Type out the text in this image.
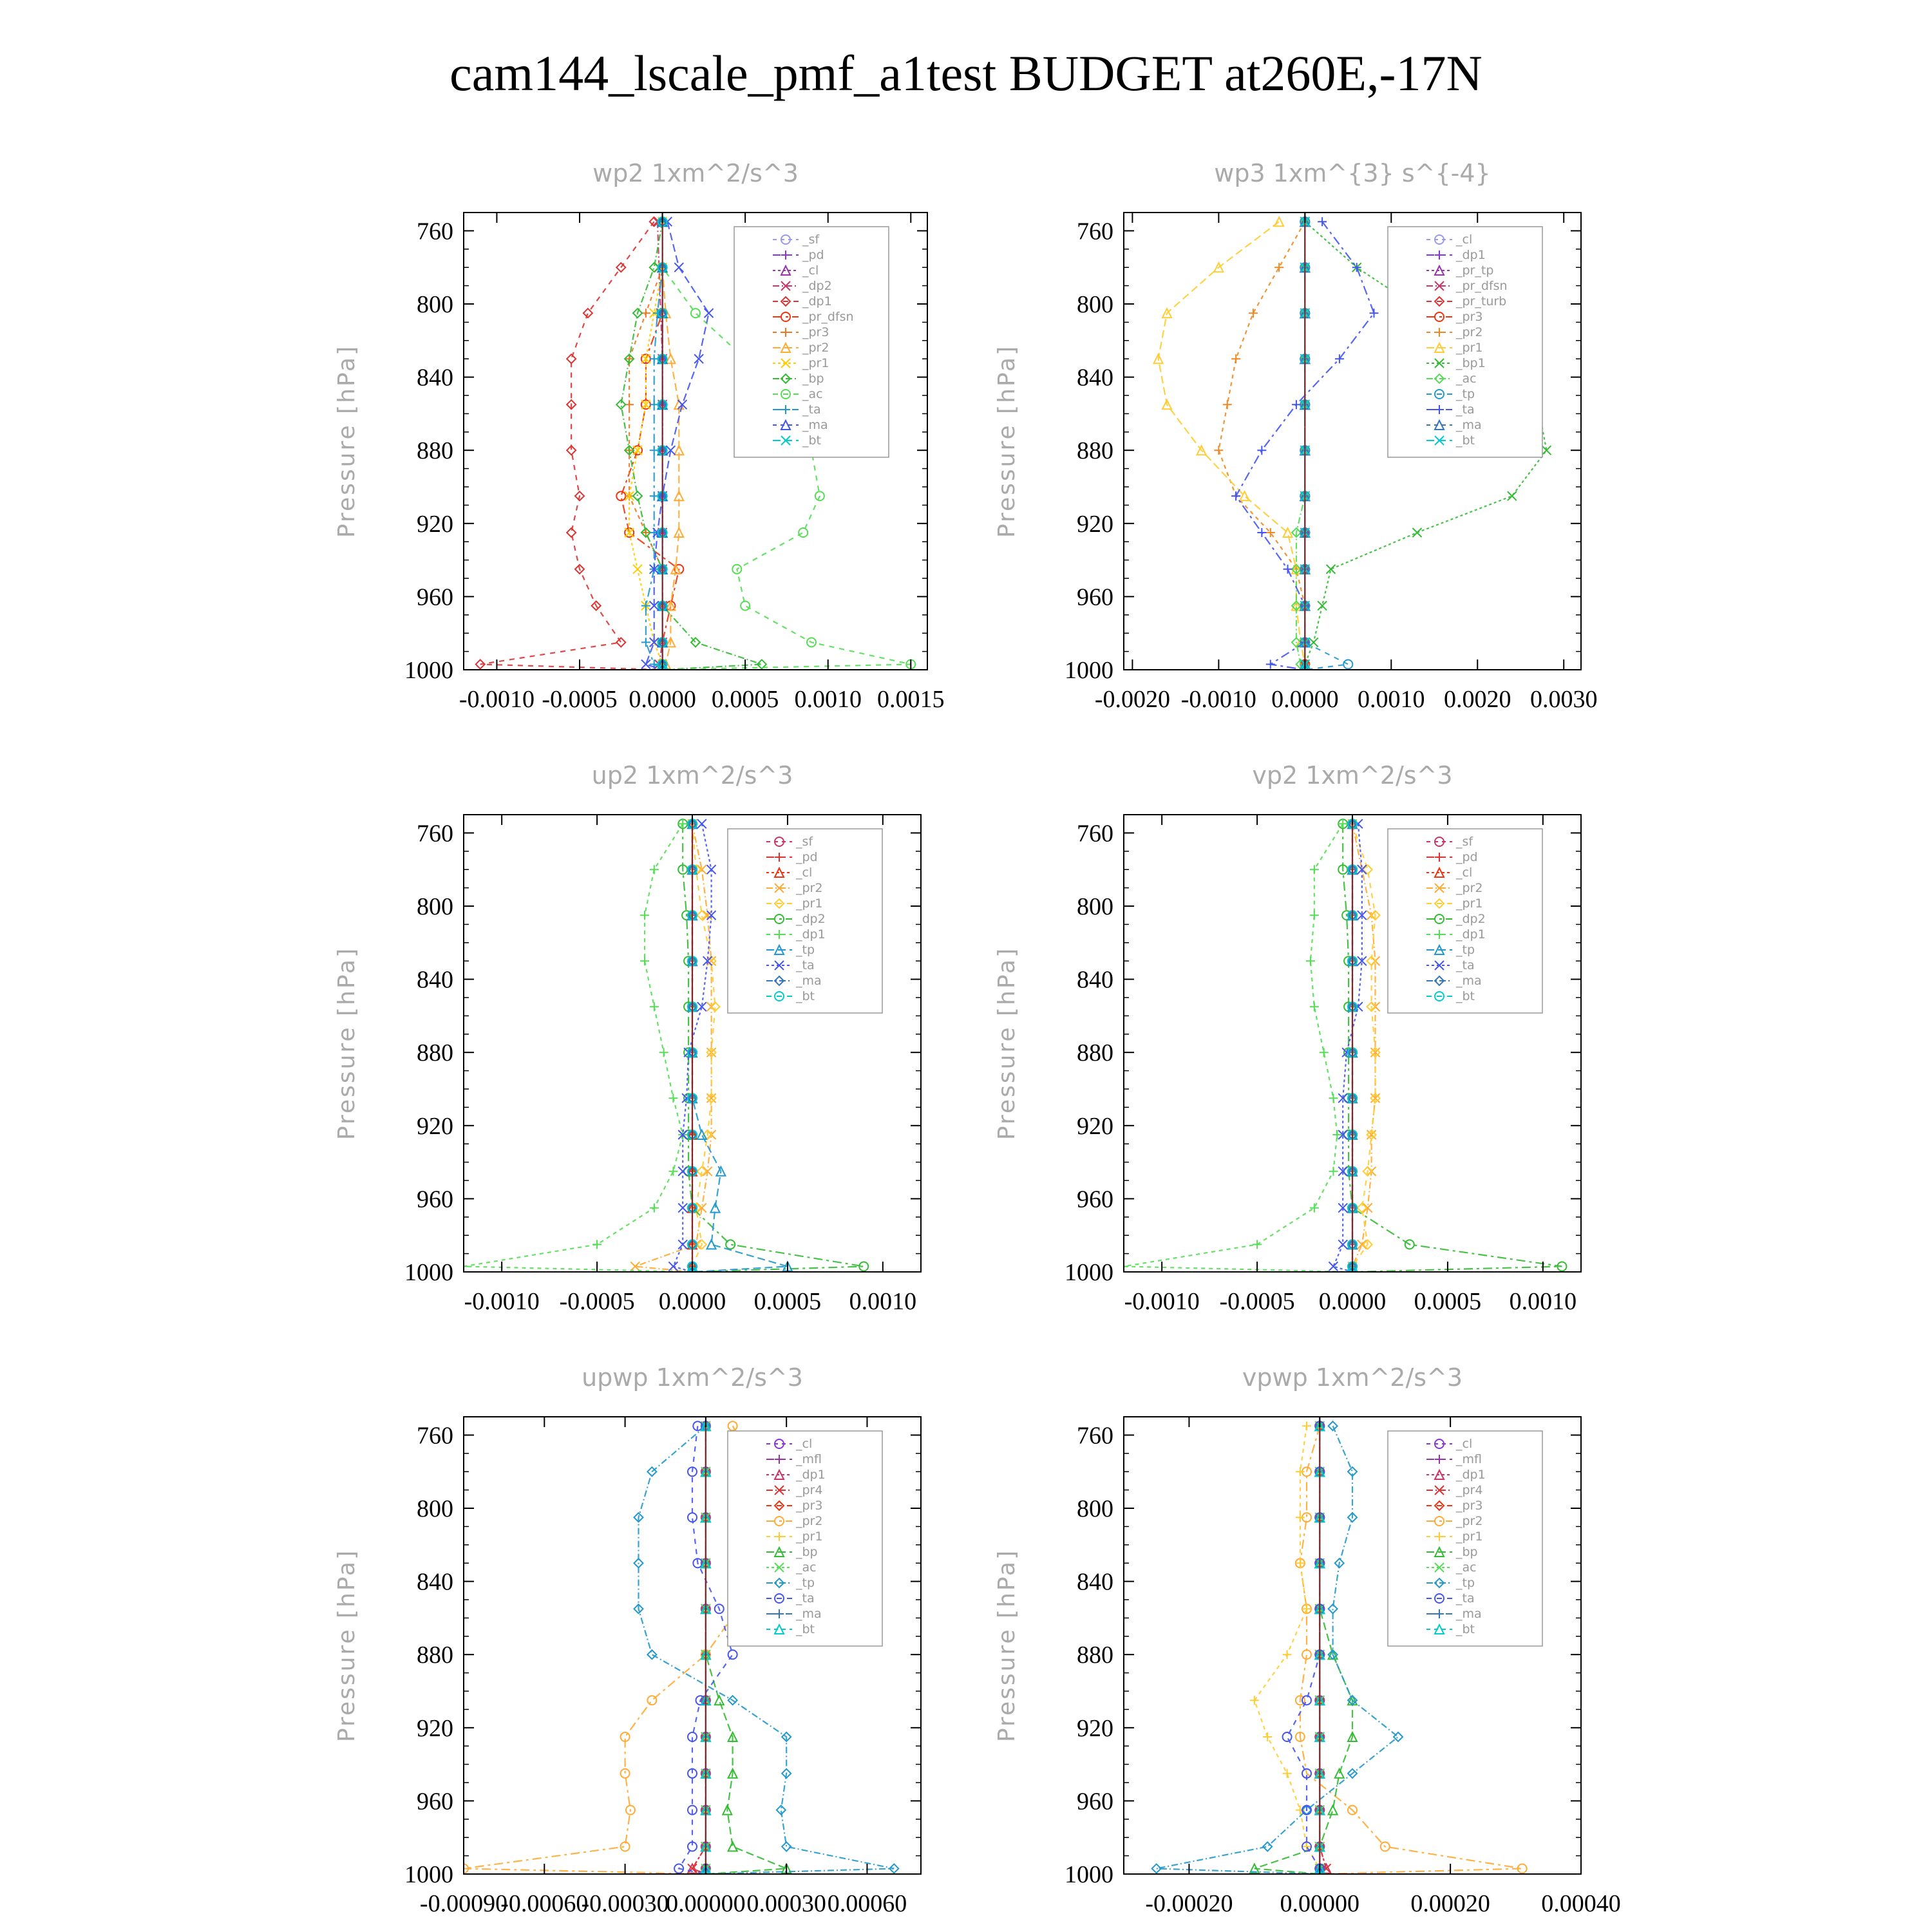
cam144_lscale_pmf_a1test BUDGET at260E,-17N
wp2 1xm^2/s^3
Pressure [hPa]
760
800
840
880
920
960
1000
-0.0010 -0.0005 0.0000 0.0005 0.0010 0.0015
_sf
_pd
_cl
_dp2
_dp1
_pr_dfsn
_pr3
_pr2
_pr1
_bp
_ac
_ta
_ma
_bt
wp3 1xm^{3} s^{-4}
Pressure [hPa]
760
800
840
880
920
960
1000
-0.0020 -0.0010 0.0000 0.0010 0.0020 0.0030
_cl
_dp1
_pr_tp
_pr_dfsn
_pr_turb
_pr3
_pr2
_pr1
_bp1
_ac
_tp
_ta
_ma
_bt
up2 1xm^2/s^3
Pressure [hPa]
760
800
840
880
920
960
1000
-0.0010 -0.0005 0.0000 0.0005 0.0010
_sf
_pd
_cl
_pr2
_pr1
_dp2
_dp1
_tp
_ta
_ma
_bt
vp2 1xm^2/s^3
Pressure [hPa]
760
800
840
880
920
960
1000
-0.0010 -0.0005 0.0000 0.0005 0.0010
_sf
_pd
_cl
_pr2
_pr1
_dp2
_dp1
_tp
_ta
_ma
_bt
upwp 1xm^2/s^3
Pressure [hPa]
760
800
840
880
920
960
1000
-0.00090
-0.00060
-0.00030
0.00000 0.00030 0.00060
_cl
_mfl
_dp1
_pr4
_pr3
_pr2
_pr1
_bp
_ac
_tp
_ta
_ma
_bt
vpwp 1xm^2/s^3
Pressure [hPa]
760
800
840
880
920
960
1000
-0.00020 0.00000 0.00020 0.00040
_cl
_mfl
_dp1
_pr4
_pr3
_pr2
_pr1
_bp
_ac
_tp
_ta
_ma
_bt
